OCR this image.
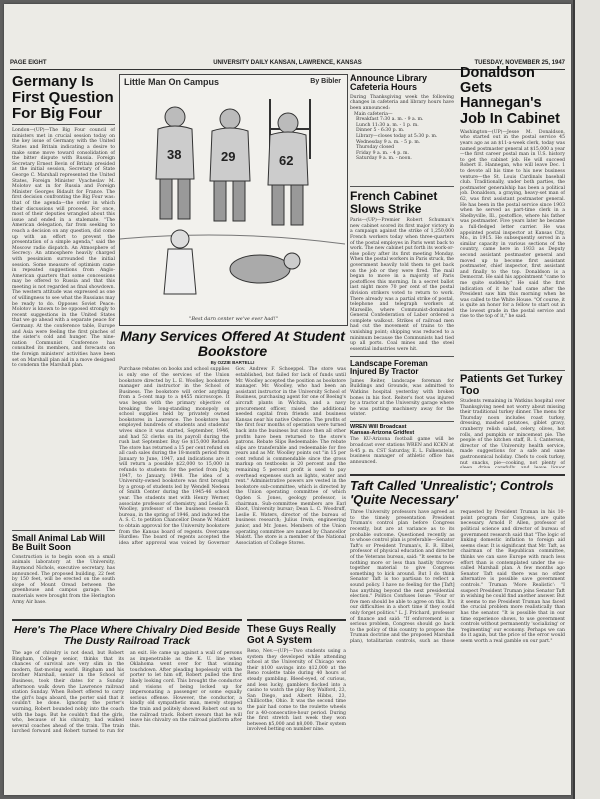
PAGE EIGHT	UNIVERSITY DAILY KANSAN, LAWRENCE, KANSAS	TUESDAY, NOVEMBER 25, 1947
Germany Is First Question For Big Four
London—(UP)—The Big Four council of ministers met in crucial session today on the key issue of Germany with the United States and Britain indicating a desire to make some move toward consolidation of the bitter dispute with Russia. Foreign Secretary Ernest Bevin of Britain presided at the initial session, Secretary of State George C. Marshall represented the United States, Foreign Minister Vyacheslav M. Molotov sat in for Russia and Foreign Minister Georges Bidault for France. The first decision confronting the Big Four was: that of the agenda—the order in which their discussions will proceed. For once, most of their deputies wrangled about this issue and ended in a stalemate. "The American delegation, far from seeking to reach a decision on any question, did come up with an effort to prevent the presentation of a simple agenda," said the Moscow radio dispatch. An Atmosphere of Secrecy: An atmosphere heavily charged with pessimism surrounded the initial session. Some measure of optimism came in repeated suggestions from Anglo-American quarters that some concessions may be offered to Russia and that this meeting is not regarded as final showdown. The western attitude was expressed as one of willingness to see what the Russians may be ready to do. Opposes Soviet Peace: Molotov is known to be opposed strongly to recent suggestions in the United States that we go ahead with a separate peace for Germany. At the conference table, Europe and Asia were feeling the first pinches of the sister's cold and hunger. The nine-nation Communist Conference has consulted its members, and forecasts on the foreign ministers' activities have been set on Marshall plan aid in a move designed to condemn the Marshall plan.
Small Animal Lab Will Be Built Soon
Construction is to begin soon on a small animals laboratory at the University, Raymond Nichols, executive secretary, has announced. The proposed building, 22 feet by 150 feet, will be erected on the south slope of Mount Oread between the greenhouse and campus garage. The materials were brought from the Herington Army Air base.
Little Man On Campus	By Bibler
38	29	62
"Best darn center we've ever had!"
Many Services Offered At Student Bookstore
By OZZIE BARTELLI
Purchase rebates on books and school supplies is only one of the services of the Union bookstore directed by L. E. Woolley, bookstore manager and instructor in the School of Business. The bookstore will order anything from a 5-cent map to a $455 microscope. It was begun with the primary objective of breaking the long-standing monopoly on school supplies held by privately owned bookstores in Lawrence. The bookstore has employed hundreds of students and students' wives since it was started, September, 1946, and had 52 clerks on its payroll during the rush last September. Buy Ge $15,000 Refund: The store has returned a 15 per cent refund on all cash sales during the 18-month period from January to June, 1947, and indications are it will return a possible $22,000 to 15,000 in refunds to students for the period from July, 1947, to January, 1948. The idea of a University-owned bookstore was first brought by a group of students led by Wendell Nedeau of Smith Center during the 1945-46 school year. The students met with Henry Werner, associate professor of chemistry, and Leslie E. Woolley, professor of the business research bureau, in the spring of 1946, and induced the A. S. C. to petition Chancellor Deane W. Malott to obtain approval for the University bookstore from the Kansas board of regents. Overcame Hurdles: The board of regents accepted the idea after approval was voiced by Governor Gov. Andrew F. Schoeppel. The store was established, but failed for lack of funds until Mr. Woolley accepted the position as bookstore manager. Mr. Woolley, who had been an assistant instructor in the University School of Business, purchasing agent for one of Boeing's aircraft plants in Wichita, and a navy procurement officer, raised the additional needed capital from friends and business Kansas near his native Osborne. The profits of the first four months of operation were turned back into the business but since then all other profits have been returned to the store's patrons. Rebate Slips Redeemable: The rebate slips are transferable and redeemable for five years and as Mr. Woolley points out "in 15 per cent refund is commendable since the gross markup on textbooks is 20 percent and the remaining 5 percent profit is used to pay overhead expenses such as lights, water and rent." Administrative powers are vested in the bookstore sub-committee, which is directed by the Union operating committee of which Ogden S. Jones, geology professor, is chairman. Sub-committee members are Earl Kloot, University bursar; Dean L. C. Woodruff, Leslie E. Waters, director of the bureau of business research; Julius Irwin, engineering junior, and Mr. Jones. Members of the Union operating committee are named by Chancellor Malott. The store is a member of the National Association of College Stores.
Announce Library Cafeteria Hours
During Thanksgiving week the following changes in cafeteria and library hours have been announced:
Main cafeteria—
Breakfast 7:30 a. m. - 9 a. m.
Lunch 11:30 a. m. - 1 p. m.
Dinner 5 - 6:30 p. m.
Library—closes today at 5:30 p. m.
Wednesday 9 a. m. - 5 p. m.
Thursday closed
Friday 9 a. m. - 4 p. m.
Saturday 9 a. m. - noon.
French Cabinet Slows Strike
Paris—(UP)—Premier Robert Schuman's new cabinet scored its first major victory in a campaign against the strike of 1,250,000 French workers today when three-quarters of the postal employes in Paris went back to work. The new cabinet put forth its work-or-else policy after its first meeting Monday. When the postal workers in Paris struck, the government heavily told them to get back on the job or they were fired. The mail began to move in a majority of Paris postoffices this morning. In a secret ballot last night more 70 per cent of the postal division strikers voted to return to work. There already was a partial strike of postal, telephone and telegraph workers at Marseille, where Communist-dominated General Confederation of Labor ordered a complete walkout. Strikes of railroad men had cut the movement of trains to the vanishing point; shipping was reduced to a minimum because the Communists had tied up all ports. Coal mines and the steel essential industries were hit.
Landscape Foreman Injured By Tractor
James Reiter, landscape foreman for Buildings and Grounds, was admitted to Watkins hospital yesterday with broken bones in his foot. Reiter's foot was injured by a tractor at the University garage where he was putting machinery away for the winter.
WREN Will Broadcast
Kansas-Arizona Gridfest
The KU-Arizona football game will be broadcast over stations WREN and KCKN at 8:45 p. m. CST Saturday, E. L. Falkenstein, business manager of athletic office has announced.
Donaldson Gets Hannegan's Job In Cabinet
Washington—(UP)—Jesse M. Donaldson, who started out in the postal service 45 years ago as an $11-a-week clerk, today was named postmaster general at $15,000 a year—the first career postal man in U.S. history to get the cabinet job. He will succeed Robert E. Hannegan, who will leave Dec. 1 to devote all his time to his new business venture—the St. Louis Cardinals baseball club. Traditionally, under both parties, the postmaster generalship has been a political job. Donaldson, a graying, heavy-set man of 62, was first assistant postmaster general. He has been in the postal service since 1903 when he served as part-time clerk in a Shelbyville, Ill., postoffice, where his father was postmaster. Five years later he became a full-fledged letter carrier. He was appointed postal inspector at Kansas City, Mo., in 1915. He subsequently served in a similar capacity in various sections of the country, came here in 1933 as Deputy second assistant postmaster general and moved up to become first assistant postmaster, chief inspector, first assistant and finally to the top. Donaldson is a Democrat. He said his appointment "came to me quite suddenly." He said the first indication of it he had came after the President saw him this morning when he was called to the White House. "Of course, it is quite an honor for a fellow to start out in the lowest grade in the postal service and rise to the top of it," he said.
Patients Get Turkey Too
Students remaining in Watkins hospital over Thanksgiving need not worry about missing their traditional turkey dinner. The menu for Thursday noon includes roast turkey, dressing, mashed potatoes, giblet gravy, cranberry relish salad, celery, olives, hot rolls, and pumpkin or mincemeat pie. The people of the kitchen staff, R. I. Canterson, director of the University health service, made suggestions for a safe and sane gastronomical holiday. Chefs to cook turkey, nut snacks, pie—cooking, not plenty of
Taft Called 'Unrealistic'; Controls 'Quite Necessary'
Three University professors have agreed as to the timely presentation President Truman's control plan before Congress recently, but are at variance as to its probable outcome. Questioned recently as to whose control plan is preferable—Senator Taft's or President Truman's, E. R. Elbel, professor of physical education and director of the Veterans bureau, said: "It seems to be nothing more or less than hastily thrown-together material to give Congress something to kick around. But I do think Senator Taft is too partisan to reflect a sound policy. I have no feeling for the [Taft] has anything beyond the next presidential election." Politics Confuses Issue: "Four or five men should be able to agree on this. It's our difficulties in a short time if they could only forget politics." L. J. Prichard, professor of finance and said: "If enforcement is a serious problem, Congress should go back to the policy of this country to propose the Truman doctrine and the proposed Marshall plan), totalitarian controls, such as those requested by President Truman in his 10-point program for Congress, are quite necessary. Arnold P. Allen, professor of political science and director of bureau of government research said that "The logic of linking domestic inflation to foreign aid seems clear. It is significant that Mr. Taft, as chairman of the Republican committee, thinks we can save Europe with much less effort than is contemplated under the so-called Marshall plan. A few months ago Senator Taft said there was no other alternative is possible save government controls." Truman 'More Realistic': "I suspect President Truman joins Senator Taft in wishing he could find another answer. But it seems to me President Truman has faced the crucial problem more realistically than has the senator. "It is possible that in our time experience shows, to use government controls without permanently 'socializing' or 'regimenting' our economy. Perhaps we can do it again, but the price of the error would seem worth a real gamble on our part."
Here's The Place Where Chivalry Died Beside The Dusty Railroad Track
The age of chivalry is not dead, but Robert Bingham, College senior, thinks that its chances of survival are very slim in the modern, fast-moving world. Bingham and his brother Marshall, senior in the School of Business, took their dates for a Sunday afternoon walk down the Lawrence railroad station Sunday. When Robert offered to carry the girl's bags aboard, the porter said that it couldn't be done. Ignoring the porter's warning, Robert bounded nobly into the coach with the bags. But he couldn't find the girls, who, because of his chivalry, had walked several coaches ahead of the train. The train lurched forward and Robert turned to run for an exit. He came up against a wall of persons as impenetrable as the K. U. line when Oklahoma went over for that winning touchdown. After pleading hopelessly with the porter to let him off, Robert pulled the first likely looking cord. This brought the conductor and visions of being locked up for impersonating a passenger or some equally serious offense. However, the conductor, a kindly old sympathetic man, merely stopped the train and politely showed Robert out on to the railroad track. Robert swears that he will leave his chivalry on the railroad platform after this.
These Guys Really Got A System
Reno, Nev.—(UP)—Two students using a system they developed while attending school at the University of Chicago won their $100 savings into $12,000 at the Reno roulette table during 40 hours of steady gambling. Bleed-eyed, of curious, and less lucky, gamblers flocked into a casino to watch the play Roy Walford, 23, San Diego, and Albert Hibbs, 23, Chillicothe, Ohio. It was the second time the pair had come to the roulette wheels for a 40-consecutive-hour period. During the first stretch last week they won between $5,000 and $8,000. Their system involved betting on number nine.
